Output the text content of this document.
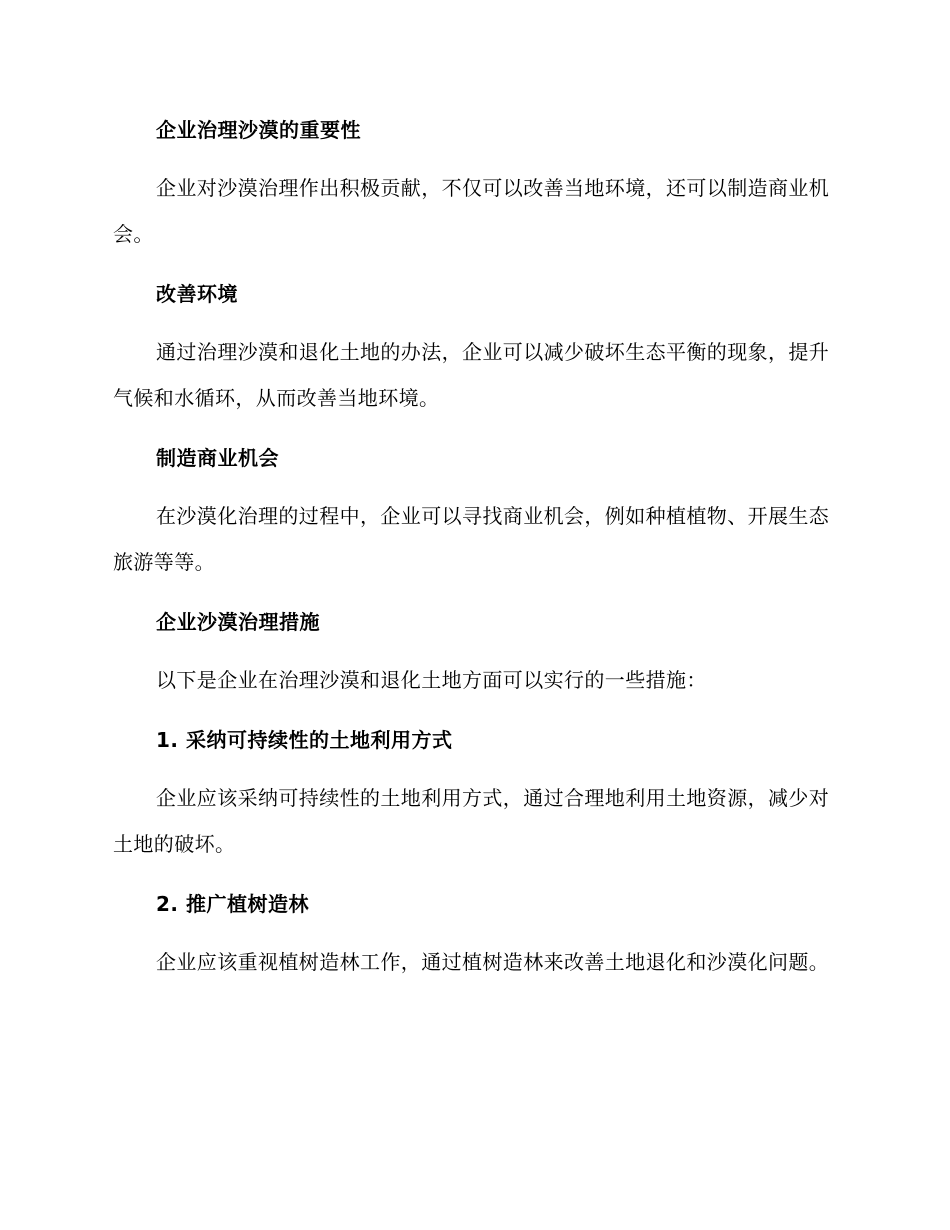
企业治理沙漠的重要性
企业对沙漠治理作出积极贡献，不仅可以改善当地环境，还可以制造商业机会。
改善环境
通过治理沙漠和退化土地的办法，企业可以减少破坏生态平衡的现象，提升气候和水循环，从而改善当地环境。
制造商业机会
在沙漠化治理的过程中，企业可以寻找商业机会，例如种植植物、开展生态旅游等等。
企业沙漠治理措施
以下是企业在治理沙漠和退化土地方面可以实行的一些措施：
1. 采纳可持续性的土地利用方式
企业应该采纳可持续性的土地利用方式，通过合理地利用土地资源，减少对土地的破坏。
2. 推广植树造林
企业应该重视植树造林工作，通过植树造林来改善土地退化和沙漠化问题。
